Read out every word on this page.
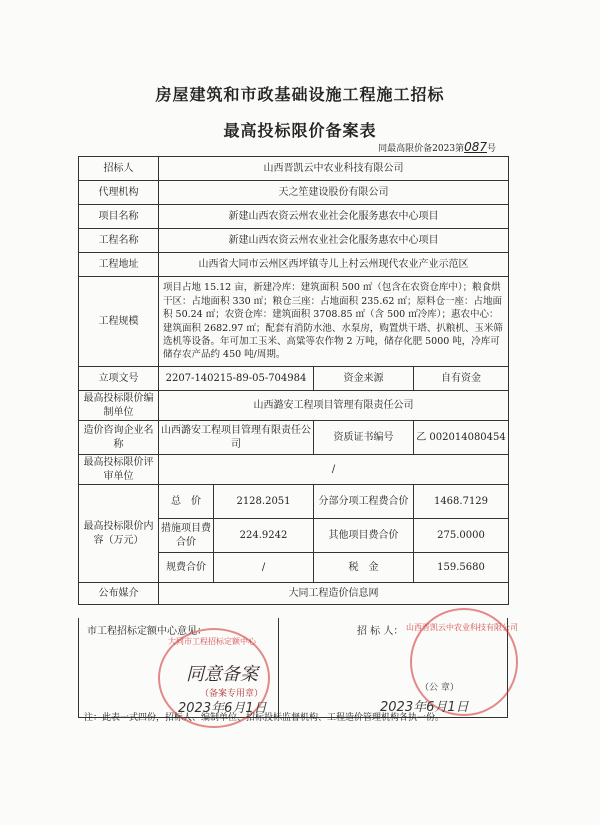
房屋建筑和市政基础设施工程施工招标
最高投标限价备案表
同最高限价备2023第087号
招标人	山西晋凯云中农业科技有限公司			
代理机构	天之笙建设股份有限公司			
项目名称	新建山西农资云州农业社会化服务惠农中心项目			
工程名称	新建山西农资云州农业社会化服务惠农中心项目			
工程地址	山西省大同市云州区西坪镇寺儿上村云州现代农业产业示范区			
工程规模	项目占地 15.12 亩，新建冷库：建筑面积 500 ㎡（包含在农资仓库中）；粮食烘干区：占地面积 330 ㎡；粮仓三座：占地面积 235.62 ㎡；原料仓一座：占地面积 50.24 ㎡；农资仓库：建筑面积 3708.85 ㎡（含 500 ㎡冷库）；惠农中心：建筑面积 2682.97 ㎡；配套有消防水池、水泵房，购置烘干塔、扒粮机、玉米筛选机等设备。年可加工玉米、高粱等农作物 2 万吨，储存化肥 5000 吨，冷库可储存农产品约 450 吨/周期。			
立项文号	2207-140215-89-05-704984		资金来源	自有资金
最高投标限价编制单位	山西潞安工程项目管理有限责任公司			
造价咨询企业名称	山西潞安工程项目管理有限责任公司		资质证书编号	乙 002014080454
最高投标限价评审单位	/			
最高投标限价内容（万元）	总　价	2128.2051	分部分项工程费合价	1468.7129
	措施项目费合价	224.9242	其他项目费合价	275.0000
	规费合价	/	税　金	159.5680
公布媒介	大同工程造价信息网			
市工程招标定额中心意见：	招 标 人：
大同市工程招标定额中心
山西晋凯云中农业科技有限公司
同意备案
（备案专用章）
2023年6月1日
（公 章）
2023年6月1日
注：此表一式四份，招标人、编制单位、招标投标监督机构、工程造价管理机构各执一份。
